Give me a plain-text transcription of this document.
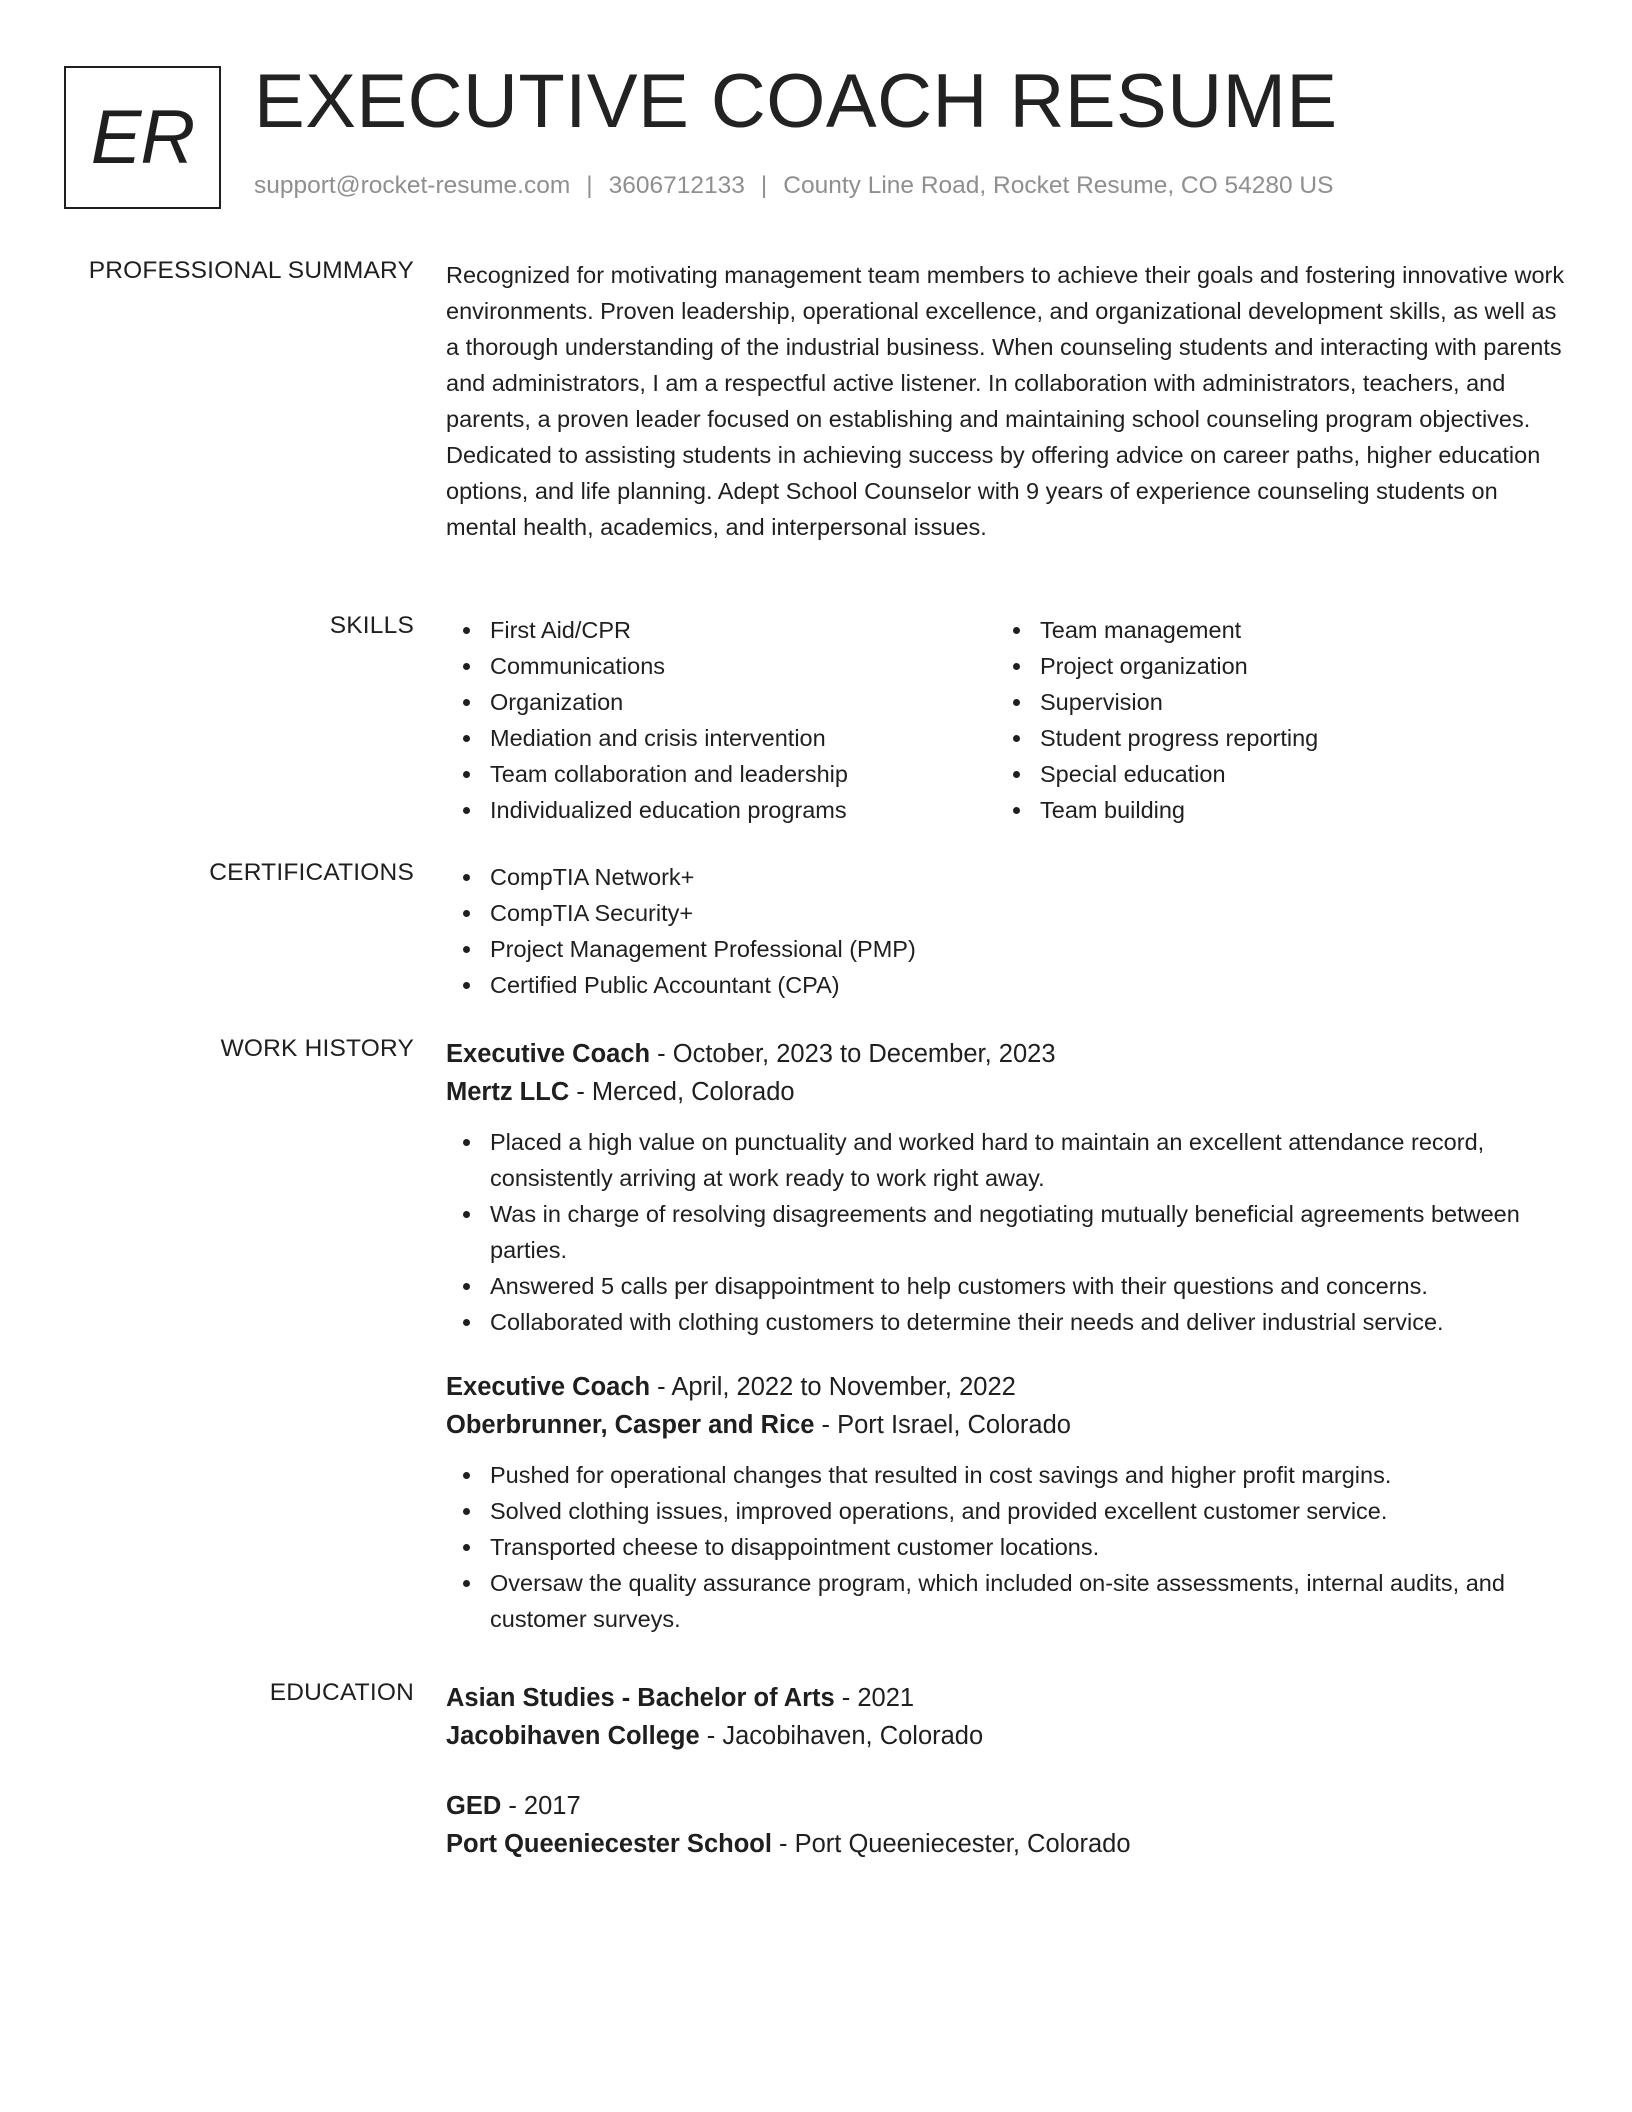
ER EXECUTIVE COACH RESUME
support@rocket-resume.com | 3606712133 | County Line Road, Rocket Resume, CO 54280 US
PROFESSIONAL SUMMARY Recognized for motivating management team members to achieve their goals and fostering innovative work environments. Proven leadership, operational excellence, and organizational development skills, as well as a thorough understanding of the industrial business. When counseling students and interacting with parents and administrators, I am a respectful active listener. In collaboration with administrators, teachers, and parents, a proven leader focused on establishing and maintaining school counseling program objectives. Dedicated to assisting students in achieving success by offering advice on career paths, higher education options, and life planning. Adept School Counselor with 9 years of experience counseling students on mental health, academics, and interpersonal issues.
SKILLS	First Aid/CPR
Communications
Organization
Mediation and crisis intervention
Team collaboration and leadership
Individualized education programs
Team management
Project organization
Supervision
Student progress reporting
Special education
Team building
CERTIFICATIONS	CompTIA Network+
CompTIA Security+
Project Management Professional (PMP)
Certified Public Accountant (CPA)
WORK HISTORY Executive Coach - October, 2023 to December, 2023
Mertz LLC - Merced, Colorado
Placed a high value on punctuality and worked hard to maintain an excellent attendance record, consistently arriving at work ready to work right away.
Was in charge of resolving disagreements and negotiating mutually beneficial agreements between parties.
Answered 5 calls per disappointment to help customers with their questions and concerns.
Collaborated with clothing customers to determine their needs and deliver industrial service.
Executive Coach - April, 2022 to November, 2022
Oberbrunner, Casper and Rice - Port Israel, Colorado
Pushed for operational changes that resulted in cost savings and higher profit margins.
Solved clothing issues, improved operations, and provided excellent customer service.
Transported cheese to disappointment customer locations.
Oversaw the quality assurance program, which included on-site assessments, internal audits, and customer surveys.
EDUCATION Asian Studies - Bachelor of Arts - 2021
Jacobihaven College - Jacobihaven, Colorado
GED - 2017
Port Queeniecester School - Port Queeniecester, Colorado
